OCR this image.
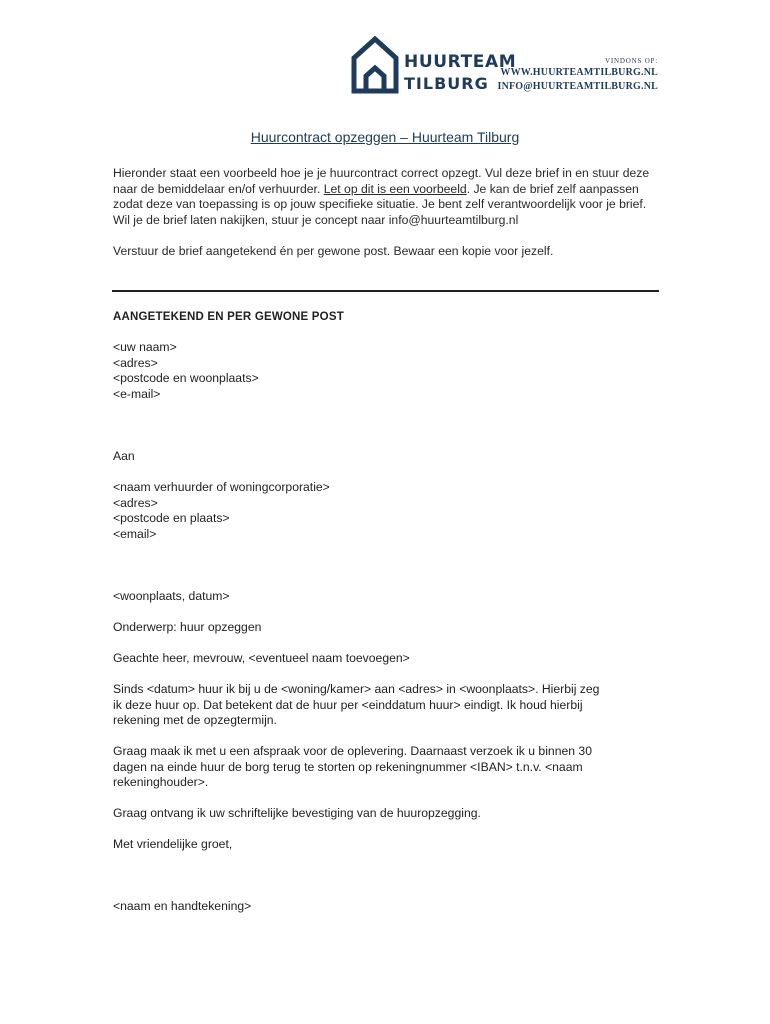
HUURTEAM
TILBURG
VINDONS OP:
WWW.HUURTEAMTILBURG.NL
INFO@HUURTEAMTILBURG.NL
Huurcontract opzeggen – Huurteam Tilburg

Hieronder staat een voorbeeld hoe je je huurcontract correct opzegt. Vul deze brief in en stuur deze naar de bemiddelaar en/of verhuurder. Let op dit is een voorbeeld. Je kan de brief zelf aanpassen zodat deze van toepassing is op jouw specifieke situatie. Je bent zelf verantwoordelijk voor je brief. Wil je de brief laten nakijken, stuur je concept naar info@huurteamtilburg.nl

Verstuur de brief aangetekend én per gewone post. Bewaar een kopie voor jezelf.
AANGETEKEND EN PER GEWONE POST
<uw naam>
<adres>
<postcode en woonplaats>
<e-mail>
Aan
<naam verhuurder of woningcorporatie>
<adres>
<postcode en plaats>
<email>
<woonplaats, datum>
Onderwerp: huur opzeggen
Geachte heer, mevrouw, <eventueel naam toevoegen>
Sinds <datum> huur ik bij u de <woning/kamer> aan <adres> in <woonplaats>. Hierbij zeg
ik deze huur op. Dat betekent dat de huur per <einddatum huur> eindigt. Ik houd hierbij
rekening met de opzegtermijn.
Graag maak ik met u een afspraak voor de oplevering. Daarnaast verzoek ik u binnen 30
dagen na einde huur de borg terug te storten op rekeningnummer <IBAN> t.n.v. <naam
rekeninghouder>.
Graag ontvang ik uw schriftelijke bevestiging van de huuropzegging.
Met vriendelijke groet,
<naam en handtekening>
